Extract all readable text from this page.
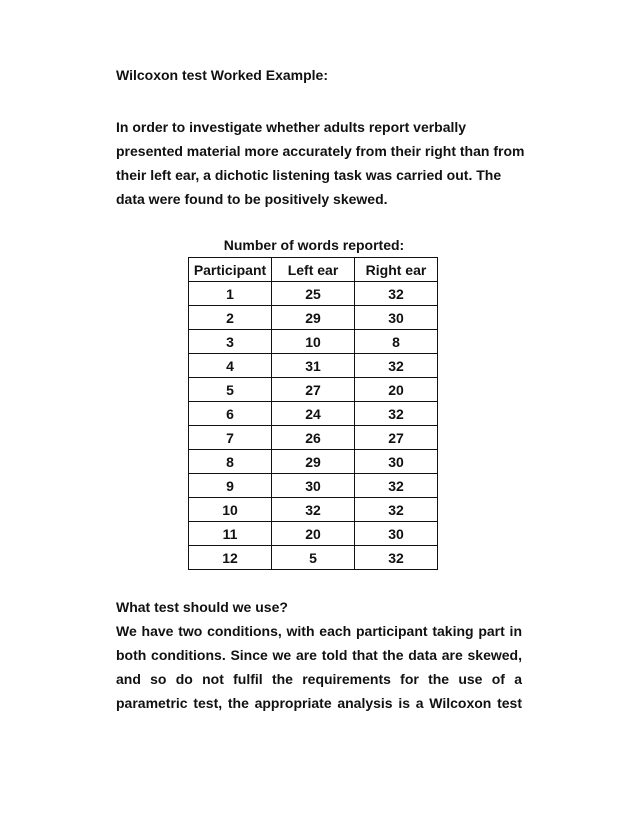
Wilcoxon test Worked Example:
In order to investigate whether adults report verbally
presented material more accurately from their right than from
their left ear, a dichotic listening task was carried out. The
data were found to be positively skewed.
Number of words reported:
Participant	Left ear	Right ear
1	25	32
2	29	30
3	10	8
4	31	32
5	27	20
6	24	32
7	26	27
8	29	30
9	30	32
10	32	32
11	20	30
12	5	32
What test should we use?
We have two conditions, with each participant taking part in
both conditions. Since we are told that the data are skewed,
and so do not fulfil the requirements for the use of a
parametric test, the appropriate analysis is a Wilcoxon test
